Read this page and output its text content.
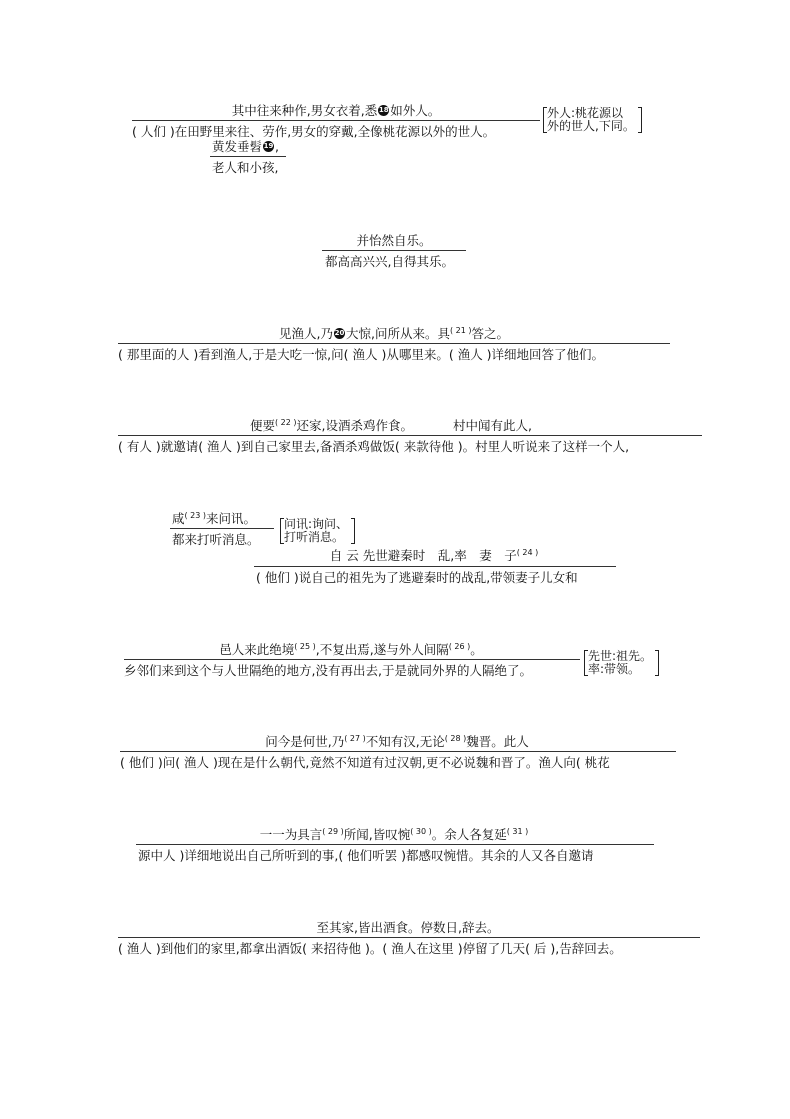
其中往来种作,男女衣着,悉 18 如外人。
( 人们 )在田野里来往、劳作,男女的穿戴,全像桃花源以外的世人。
外人:桃花源以
外的世人,下同。
黄发垂髫 19 ,
老人和小孩,
并怡然自乐。
都高高兴兴,自得其乐。
见渔人,乃 20 大惊,问所从来。具$^{( 21 )}$答之。
( 那里面的人 )看到渔人,于是大吃一惊,问( 渔人 )从哪里来。( 渔人 )详细地回答了他们。
便要$^{( 22 )}$还家,设酒杀鸡作食。	村中闻有此人,
( 有人 )就邀请( 渔人 )到自己家里去,备酒杀鸡做饭( 来款待他 )。村里人听说来了这样一个人,
咸$^{( 23 )}$来问讯。
都来打听消息。
问讯:询问、
打听消息。
自 云 先世避秦时　乱,率　妻　子$^{( 24 )}$
( 他们 )说自己的祖先为了逃避秦时的战乱,带领妻子儿女和
邑人来此绝境$^{( 25 )}$,不复出焉,遂与外人间隔$^{( 26 )}$。
乡邻们来到这个与人世隔绝的地方,没有再出去,于是就同外界的人隔绝了。
先世:祖先。
率:带领。
问今是何世,乃$^{( 27 )}$不知有汉,无论$^{( 28 )}$魏晋。此人
( 他们 )问( 渔人 )现在是什么朝代,竟然不知道有过汉朝,更不必说魏和晋了。渔人向( 桃花
一一为具言$^{( 29 )}$所闻,皆叹惋$^{( 30 )}$。余人各复延$^{( 31 )}$
源中人 )详细地说出自己所听到的事,( 他们听罢 )都感叹惋惜。其余的人又各自邀请
至其家,皆出酒食。停数日,辞去。
( 渔人 )到他们的家里,都拿出酒饭( 来招待他 )。( 渔人在这里 )停留了几天( 后 ),告辞回去。
